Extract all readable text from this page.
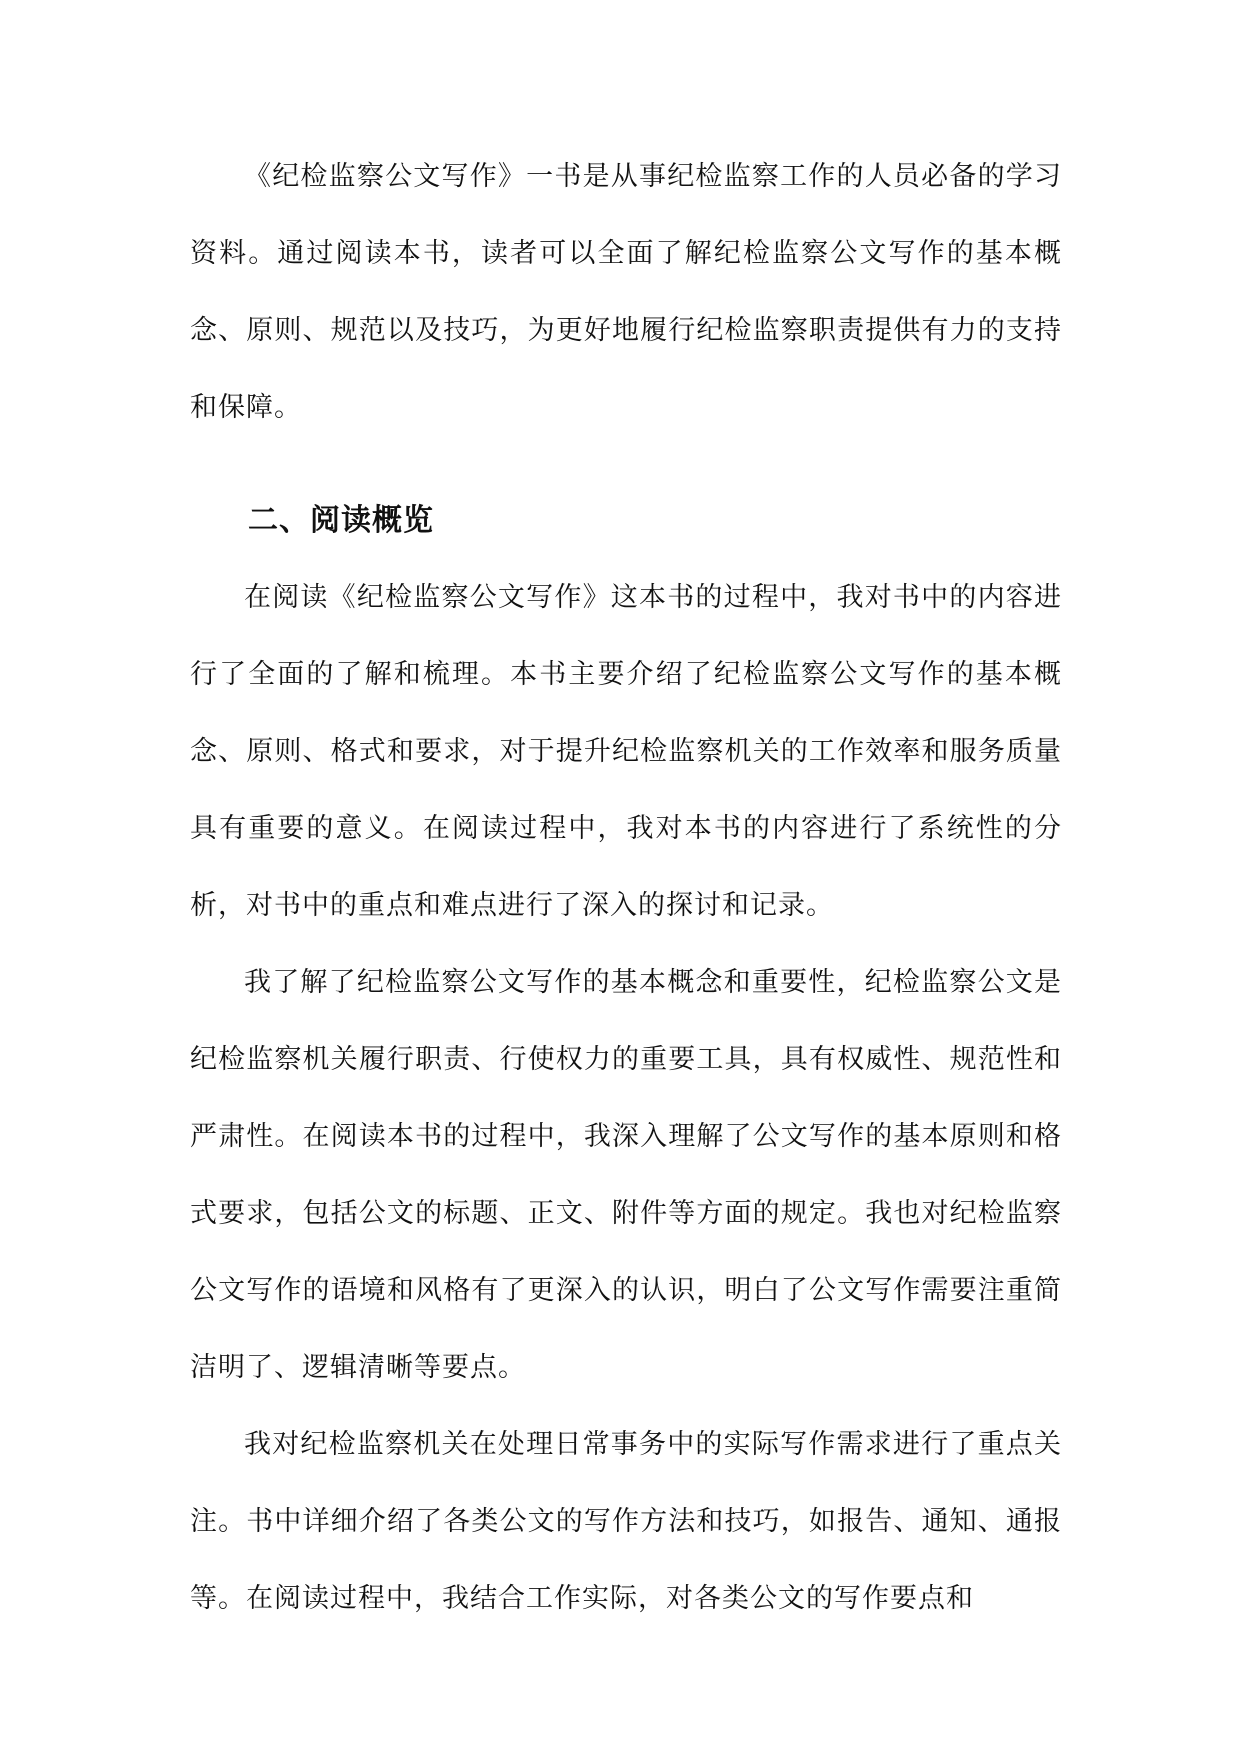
《纪检监察公文写作》一书是从事纪检监察工作的人员必备的学习资料。通过阅读本书，读者可以全面了解纪检监察公文写作的基本概念、原则、规范以及技巧，为更好地履行纪检监察职责提供有力的支持和保障。

二、阅读概览

在阅读《纪检监察公文写作》这本书的过程中，我对书中的内容进行了全面的了解和梳理。本书主要介绍了纪检监察公文写作的基本概念、原则、格式和要求，对于提升纪检监察机关的工作效率和服务质量具有重要的意义。在阅读过程中，我对本书的内容进行了系统性的分析，对书中的重点和难点进行了深入的探讨和记录。

我了解了纪检监察公文写作的基本概念和重要性，纪检监察公文是纪检监察机关履行职责、行使权力的重要工具，具有权威性、规范性和严肃性。在阅读本书的过程中，我深入理解了公文写作的基本原则和格式要求，包括公文的标题、正文、附件等方面的规定。我也对纪检监察公文写作的语境和风格有了更深入的认识，明白了公文写作需要注重简洁明了、逻辑清晰等要点。

我对纪检监察机关在处理日常事务中的实际写作需求进行了重点关注。书中详细介绍了各类公文的写作方法和技巧，如报告、通知、通报等。在阅读过程中，我结合工作实际，对各类公文的写作要点和
